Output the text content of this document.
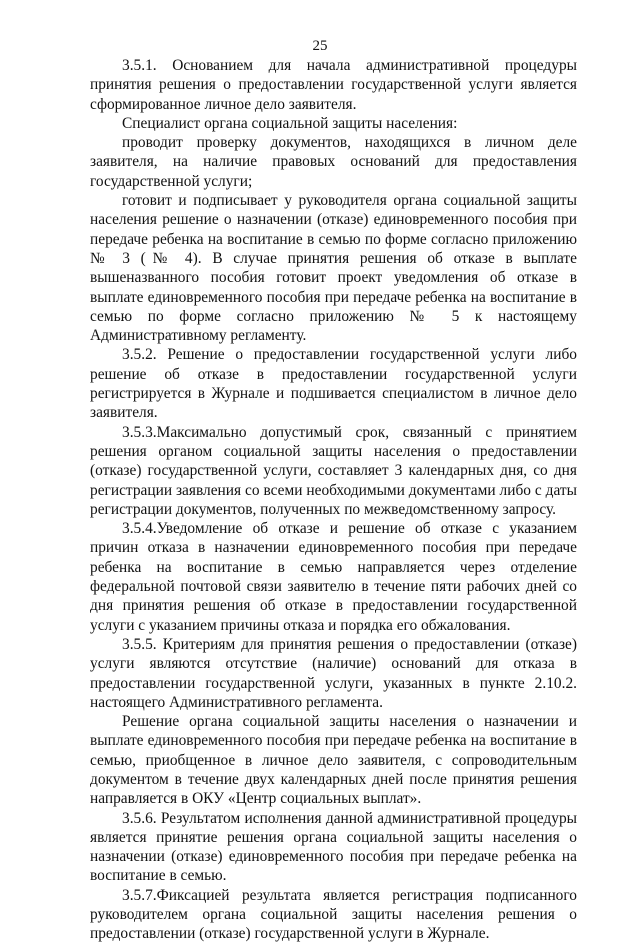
25

3.5.1. Основанием для начала административной процедуры принятия решения о предоставлении государственной услуги является сформированное личное дело заявителя.

Специалист органа социальной защиты населения:

проводит проверку документов, находящихся в личном деле заявителя, на наличие правовых оснований для предоставления государственной услуги;

готовит и подписывает у руководителя органа социальной защиты населения решение о назначении (отказе) единовременного пособия при передаче ребенка на воспитание в семью по форме согласно приложению № 3 (№ 4). В случае принятия решения об отказе в выплате вышеназванного пособия готовит проект уведомления об отказе в выплате единовременного пособия при передаче ребенка на воспитание в семью по форме согласно приложению № 5 к настоящему Административному регламенту.

3.5.2. Решение о предоставлении государственной услуги либо решение об отказе в предоставлении государственной услуги регистрируется в Журнале и подшивается специалистом в личное дело заявителя.

3.5.3.Максимально допустимый срок, связанный с принятием решения органом социальной защиты населения о предоставлении (отказе) государственной услуги, составляет 3 календарных дня, со дня регистрации заявления со всеми необходимыми документами либо с даты регистрации документов, полученных по межведомственному запросу.

3.5.4.Уведомление об отказе и решение об отказе с указанием причин отказа в назначении единовременного пособия при передаче ребенка на воспитание в семью направляется через отделение федеральной почтовой связи заявителю в течение пяти рабочих дней со дня принятия решения об отказе в предоставлении государственной услуги с указанием причины отказа и порядка его обжалования.

3.5.5. Критериям для принятия решения о предоставлении (отказе) услуги являются отсутствие (наличие) оснований для отказа в предоставлении государственной услуги, указанных в пункте 2.10.2. настоящего Административного регламента.

Решение органа социальной защиты населения о назначении и выплате единовременного пособия при передаче ребенка на воспитание в семью, приобщенное в личное дело заявителя, с сопроводительным документом в течение двух календарных дней после принятия решения направляется в ОКУ «Центр социальных выплат».

3.5.6. Результатом исполнения данной административной процедуры является принятие решения органа социальной защиты населения о назначении (отказе) единовременного пособия при передаче ребенка на воспитание в семью.

3.5.7.Фиксацией результата является регистрация подписанного руководителем органа социальной защиты населения решения о предоставлении (отказе) государственной услуги в Журнале.
